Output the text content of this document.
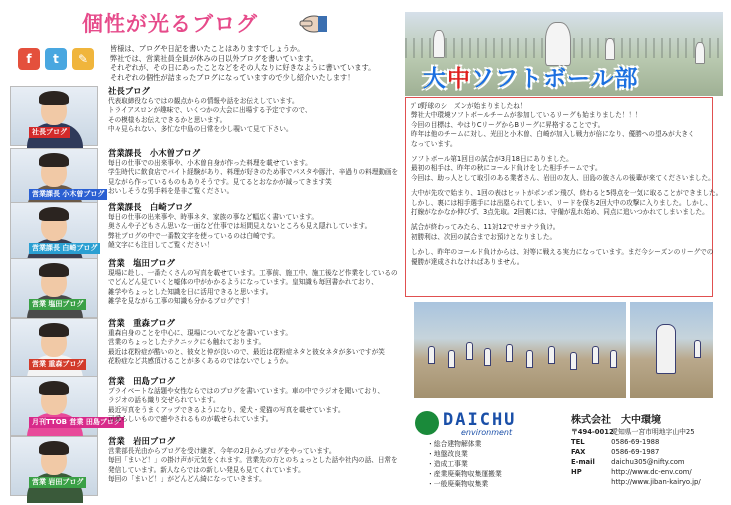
個性が光るブログ
f	t	✎

皆様は、ブログや日記を書いたことはありますでしょうか。

弊社では、営業社員全員が休みの日以外ブログを書いています。

それぞれが、その日にあったことなどをその人なりに好きなように書いています。

それぞれの個性が詰まったブログになっていますので少し紹介いたします！

社長ブログ
社長ブログ
代表取締役ならではの観点からの情報や話をお伝えしています。
トライアスロンが趣味で、いくつかの大会に出場する予定ですので、
その模様もお伝えできるかと思います。
中々見られない、多忙な中島の日常を少し覗いて見て下さい。
営業課長 小木曽ブログ
営業課長　小木曽ブログ
毎日の仕事での出来事や、小木曽自身が作った料理を載せています。
学生時代に飲食店でバイト経験があり、料理が好きのため事でパスタや豚汁、辛過りの料理動画を
見ながら作っているものもありそうです。見てるとおなかが減ってきます笑
おいしそうな男手料を是非ご覧ください。
営業課長 白崎ブログ
営業課長　白崎ブログ
毎日の仕事の出来事や、時事ネタ、家族の事など幅広く書いています。
奥さんや子どもさん思いな一面など仕事では垣間見えないところも見え隠れしています。
弊社ブログの中で一番数文字を使っているのは白崎です。
饒文字にも注目してご覧ください！
営業 塩田ブログ
営業　塩田ブログ
現場に赴し、一番たくさんの写真を載せています。工事前、施工中、施工後など作業をしているの
でどんどん見ていくと嘘体の中がかかるようになっています。皇知識も毎回書かれており、
雑学やちょっとした知識を日に活用できると思います。
雑学を見ながら工事の知識も分かるブログです！
営業 重森ブログ
営業　重森ブログ
重森自身のことを中心に、現場についてなどを書いています。
営業のちょっとしたテクニックにも触れております。
最近は花粉症が酷いのと、彼女と仲が良いので、最近は花粉症ネタと彼女ネタが多いですが笑
花粉症など共感頂けることが多くあるのではないでしょうか。
月刊TTOB 営業 田島ブログ
営業　田島ブログ
プライベートな話題や女性ならではのブログを書いています。車の中でラジオを聞いており、
ラジオの話も織り交ぜられています。
最近写真をうまくアップできるようになり、愛犬・愛猫の写真を載せています。
可愛らしいもので癒やされるものが載せられています。
営業 岩田ブログ
営業　岩田ブログ
営業部長光由からブログを受け継ぎ、今年の2月からブログをやっています。
毎回「まいど！」の掛け声が元気をくれます。営業先の方とのちょっとした話や社内の話、日常を
発信しています。新人ならではの新しい発見も見てくれています。
毎回の「まいど！」がどんどん綺になっていきます。
大中ソフトボール部

ﾌﾟﾛ野球のシ　ズンが始まりましたね！

弊社大中環境ソフトボールチームが参加しているリーグも始まりました！！！

今回の目標は、やはりCリーグからBリーグに昇格することです。

昨年は他のチームに対し、光田と小木曽、白崎が加入し戦力が倍になり、優勝への望みが大きく

なっています。

ソフトボール第1回目の試合が3月18日にありました。

最初の相手は、昨年の秋にコールド負けをした相手チームです。

今回は、助っ人として取引のある業者さん、岩田の友人、田島の彼さんの後輩が来てくださいました。

大中が先攻で始まり、1回の表はヒットがポンポン飛び、終わると5得点を一気に取ることができました。

しかし、裏には相手選手には出塁られてしまい、リードを保ち2回大中の攻撃に入りました。しかし、

打線がなかなか伸びず、3点先取。2回裏には、守備が乱れ始め、同点に追いつかれてしまいました。

試合が終わってみたら、11対12でサヨナラ負け。

初勝利は、次回の試合までお預けとなりました。

しかし、昨年のコールド負けからは、対等に戦える実力になっています。まだ今シーズンのリーグでの

優勝が達成されなければありません。

DAICHU
environment
・総合建物解体業
・地盤改良業
・造成工事業
・産業廃棄物収集運搬業
・一般廃棄物収集業
株式会社　大中環境
〒494-0012 愛知県一宮市明地字山中25
TEL	0586-69-1988
FAX	0586-69-1987
E-mail daichu305@nifty.com
HP	http://www.dc-env.com/
http://www.jiban-kairyo.jp/
